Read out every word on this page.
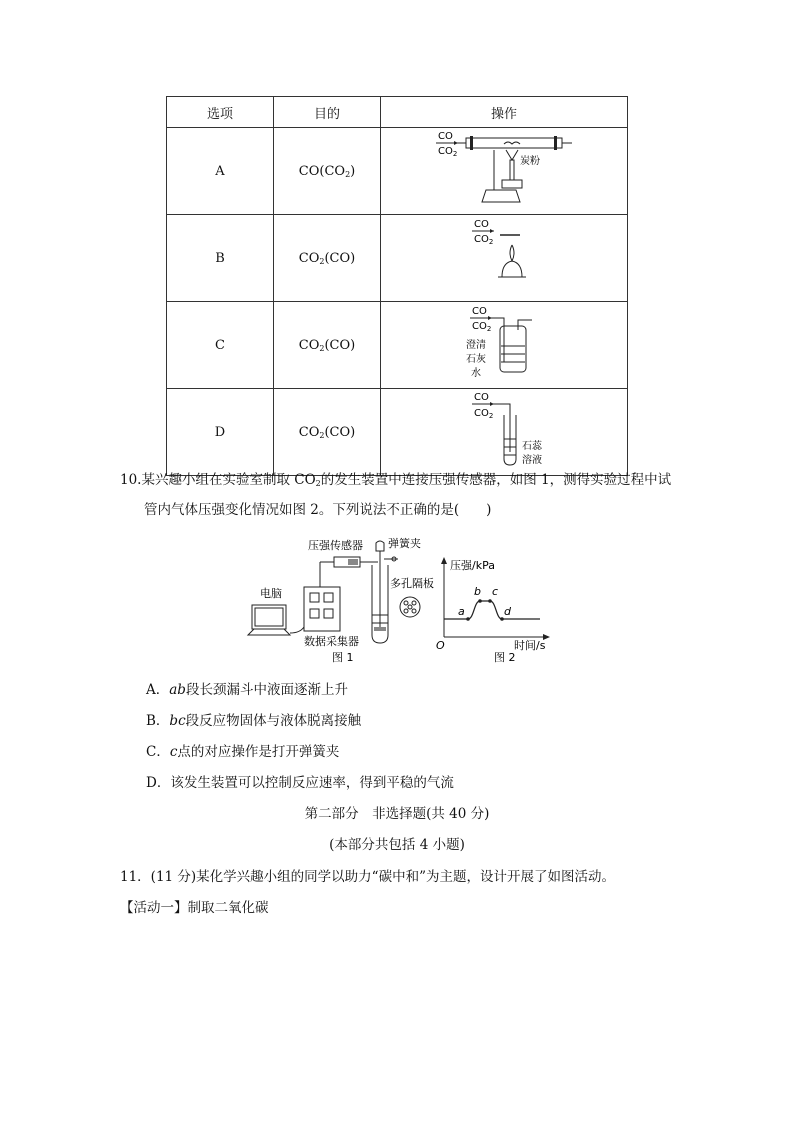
选项	目的	操作
A	$CO(CO_2)$	CO
$CO_2$
炭粉

B	$CO_2(CO)$	CO
$CO_2$

C	$CO_2(CO)$	CO
$CO_2$
澄清
石灰
水

D	$CO_2(CO)$	CO
$CO_2$
石蕊
溶液
10.某兴趣小组在实验室制取 $CO_2$的发生装置中连接压强传感器，如图 1，测得实验过程中试
管内气体压强变化情况如图 2。下列说法不正确的是(　　)
压强传感器 弹簧夹
多孔隔板
数据采集器
电脑
图 1
压强/kPa
时间/s
O
a
b c
d
图 2
A．ab段长颈漏斗中液面逐渐上升
B．bc段反应物固体与液体脱离接触
C．c点的对应操作是打开弹簧夹
D．该发生装置可以控制反应速率，得到平稳的气流
第二部分　非选择题(共 40 分)
(本部分共包括 4 小题)
11．(11 分)某化学兴趣小组的同学以助力“碳中和”为主题，设计开展了如图活动。
【活动一】制取二氧化碳
